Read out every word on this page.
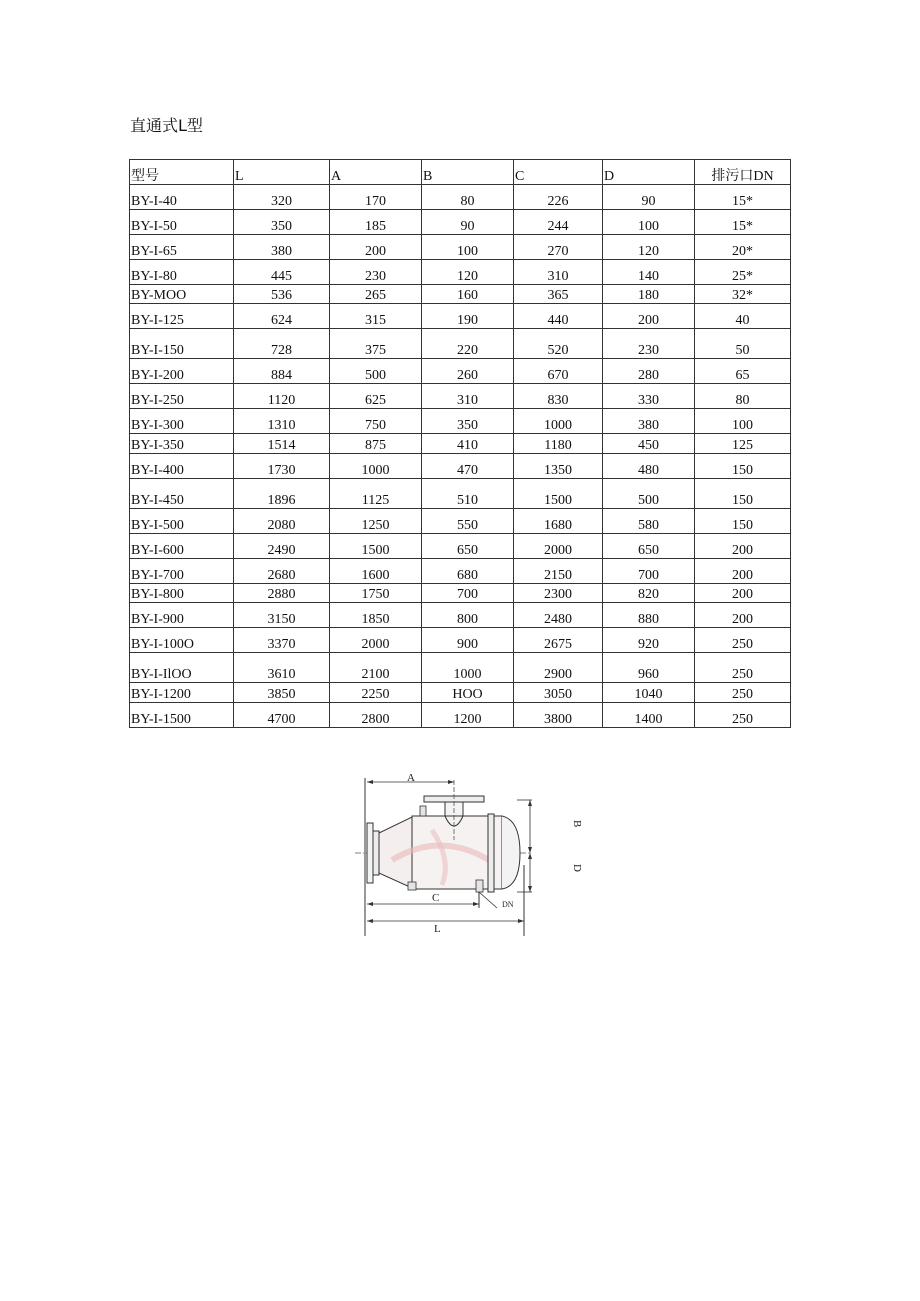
直通式L型
型号	L	A	B	C	D	排污口DN
BY-I-40	320	170	80	226	90	15*
BY-I-50	350	185	90	244	100	15*
BY-I-65	380	200	100	270	120	20*
BY-I-80	445	230	120	310	140	25*
BY-MOO	536	265	160	365	180	32*
BY-I-125	624	315	190	440	200	40
BY-I-150	728	375	220	520	230	50
BY-I-200	884	500	260	670	280	65
BY-I-250	1120	625	310	830	330	80
BY-I-300	1310	750	350	1000	380	100
BY-I-350	1514	875	410	1180	450	125
BY-I-400	1730	1000	470	1350	480	150
BY-I-450	1896	1125	510	1500	500	150
BY-I-500	2080	1250	550	1680	580	150
BY-I-600	2490	1500	650	2000	650	200
BY-I-700	2680	1600	680	2150	700	200
BY-I-800	2880	1750	700	2300	820	200
BY-I-900	3150	1850	800	2480	880	200
BY-I-100O	3370	2000	900	2675	920	250
BY-I-IlOO	3610	2100	1000	2900	960	250
BY-I-1200	3850	2250	HOO	3050	1040	250
BY-I-1500	4700	2800	1200	3800	1400	250
A
C
L
DN
B
D
